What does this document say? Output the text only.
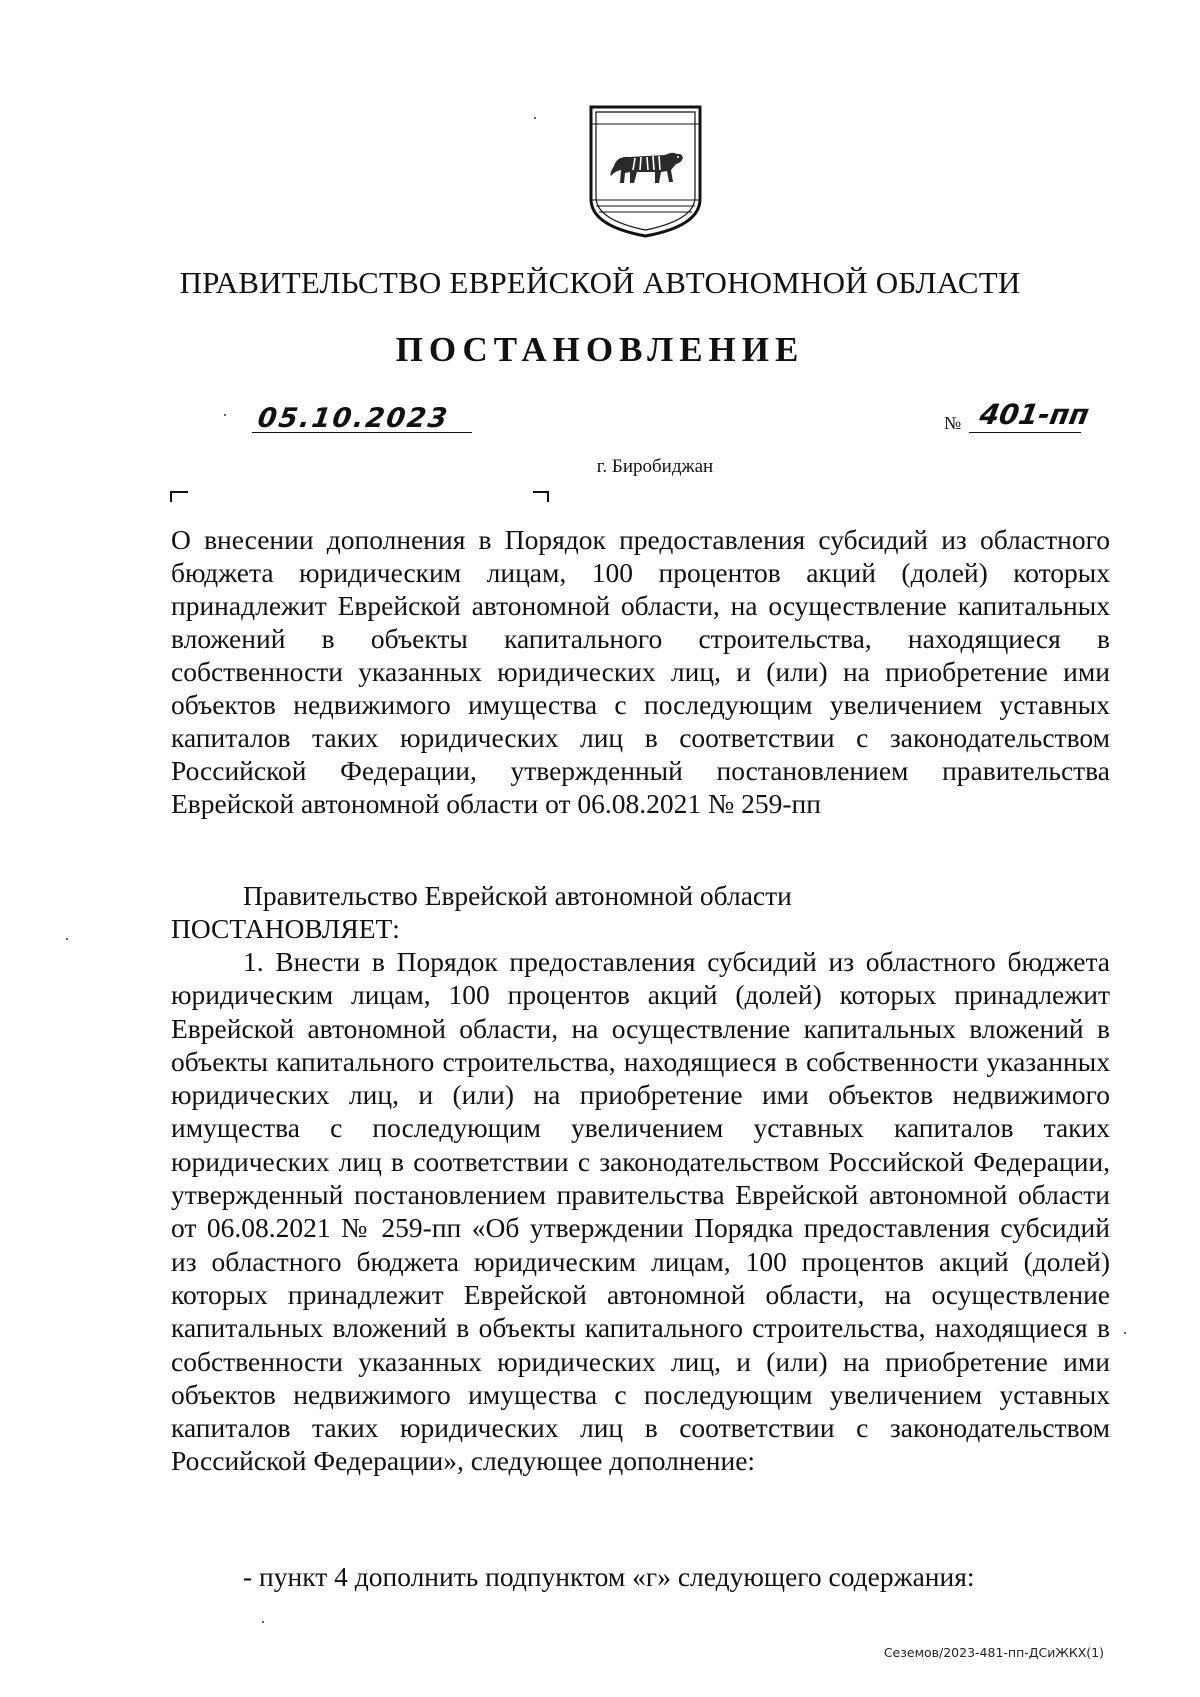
ПРАВИТЕЛЬСТВО ЕВРЕЙСКОЙ АВТОНОМНОЙ ОБЛАСТИ
ПОСТАНОВЛЕНИЕ
05.10.2023	№ 401-пп
г. Биробиджан
О внесении дополнения в Порядок предоставления субсидий из областного бюджета юридическим лицам, 100 процентов акций (долей) которых принадлежит Еврейской автономной области, на осуществление капитальных вложений в объекты капитального строительства, находящиеся в собственности указанных юридических лиц, и (или) на приобретение ими объектов недвижимого имущества с последующим увеличением уставных капиталов таких юридических лиц в соответствии с законодательством Российской Федерации, утвержденный постановлением правительства Еврейской автономной области от 06.08.2021 № 259-пп
Правительство Еврейской автономной области
ПОСТАНОВЛЯЕТ:

1. Внести в Порядок предоставления субсидий из областного бюджета юридическим лицам, 100 процентов акций (долей) которых принадлежит Еврейской автономной области, на осуществление капитальных вложений в объекты капитального строительства, находящиеся в собственности указанных юридических лиц, и (или) на приобретение ими объектов недвижимого имущества с последующим увеличением уставных капиталов таких юридических лиц в соответствии с законодательством Российской Федерации, утвержденный постановлением правительства Еврейской автономной области от 06.08.2021 № 259-пп «Об утверждении Порядка предоставления субсидий из областного бюджета юридическим лицам, 100 процентов акций (долей) которых принадлежит Еврейской автономной области, на осуществление капитальных вложений в объекты капитального строительства, находящиеся в собственности указанных юридических лиц, и (или) на приобретение ими объектов недвижимого имущества с последующим увеличением уставных капиталов таких юридических лиц в соответствии с законодательством Российской Федерации», следующее дополнение:

- пункт 4 дополнить подпунктом «г» следующего содержания:
Сеземов/2023-481-пп-ДСиЖКХ(1)
